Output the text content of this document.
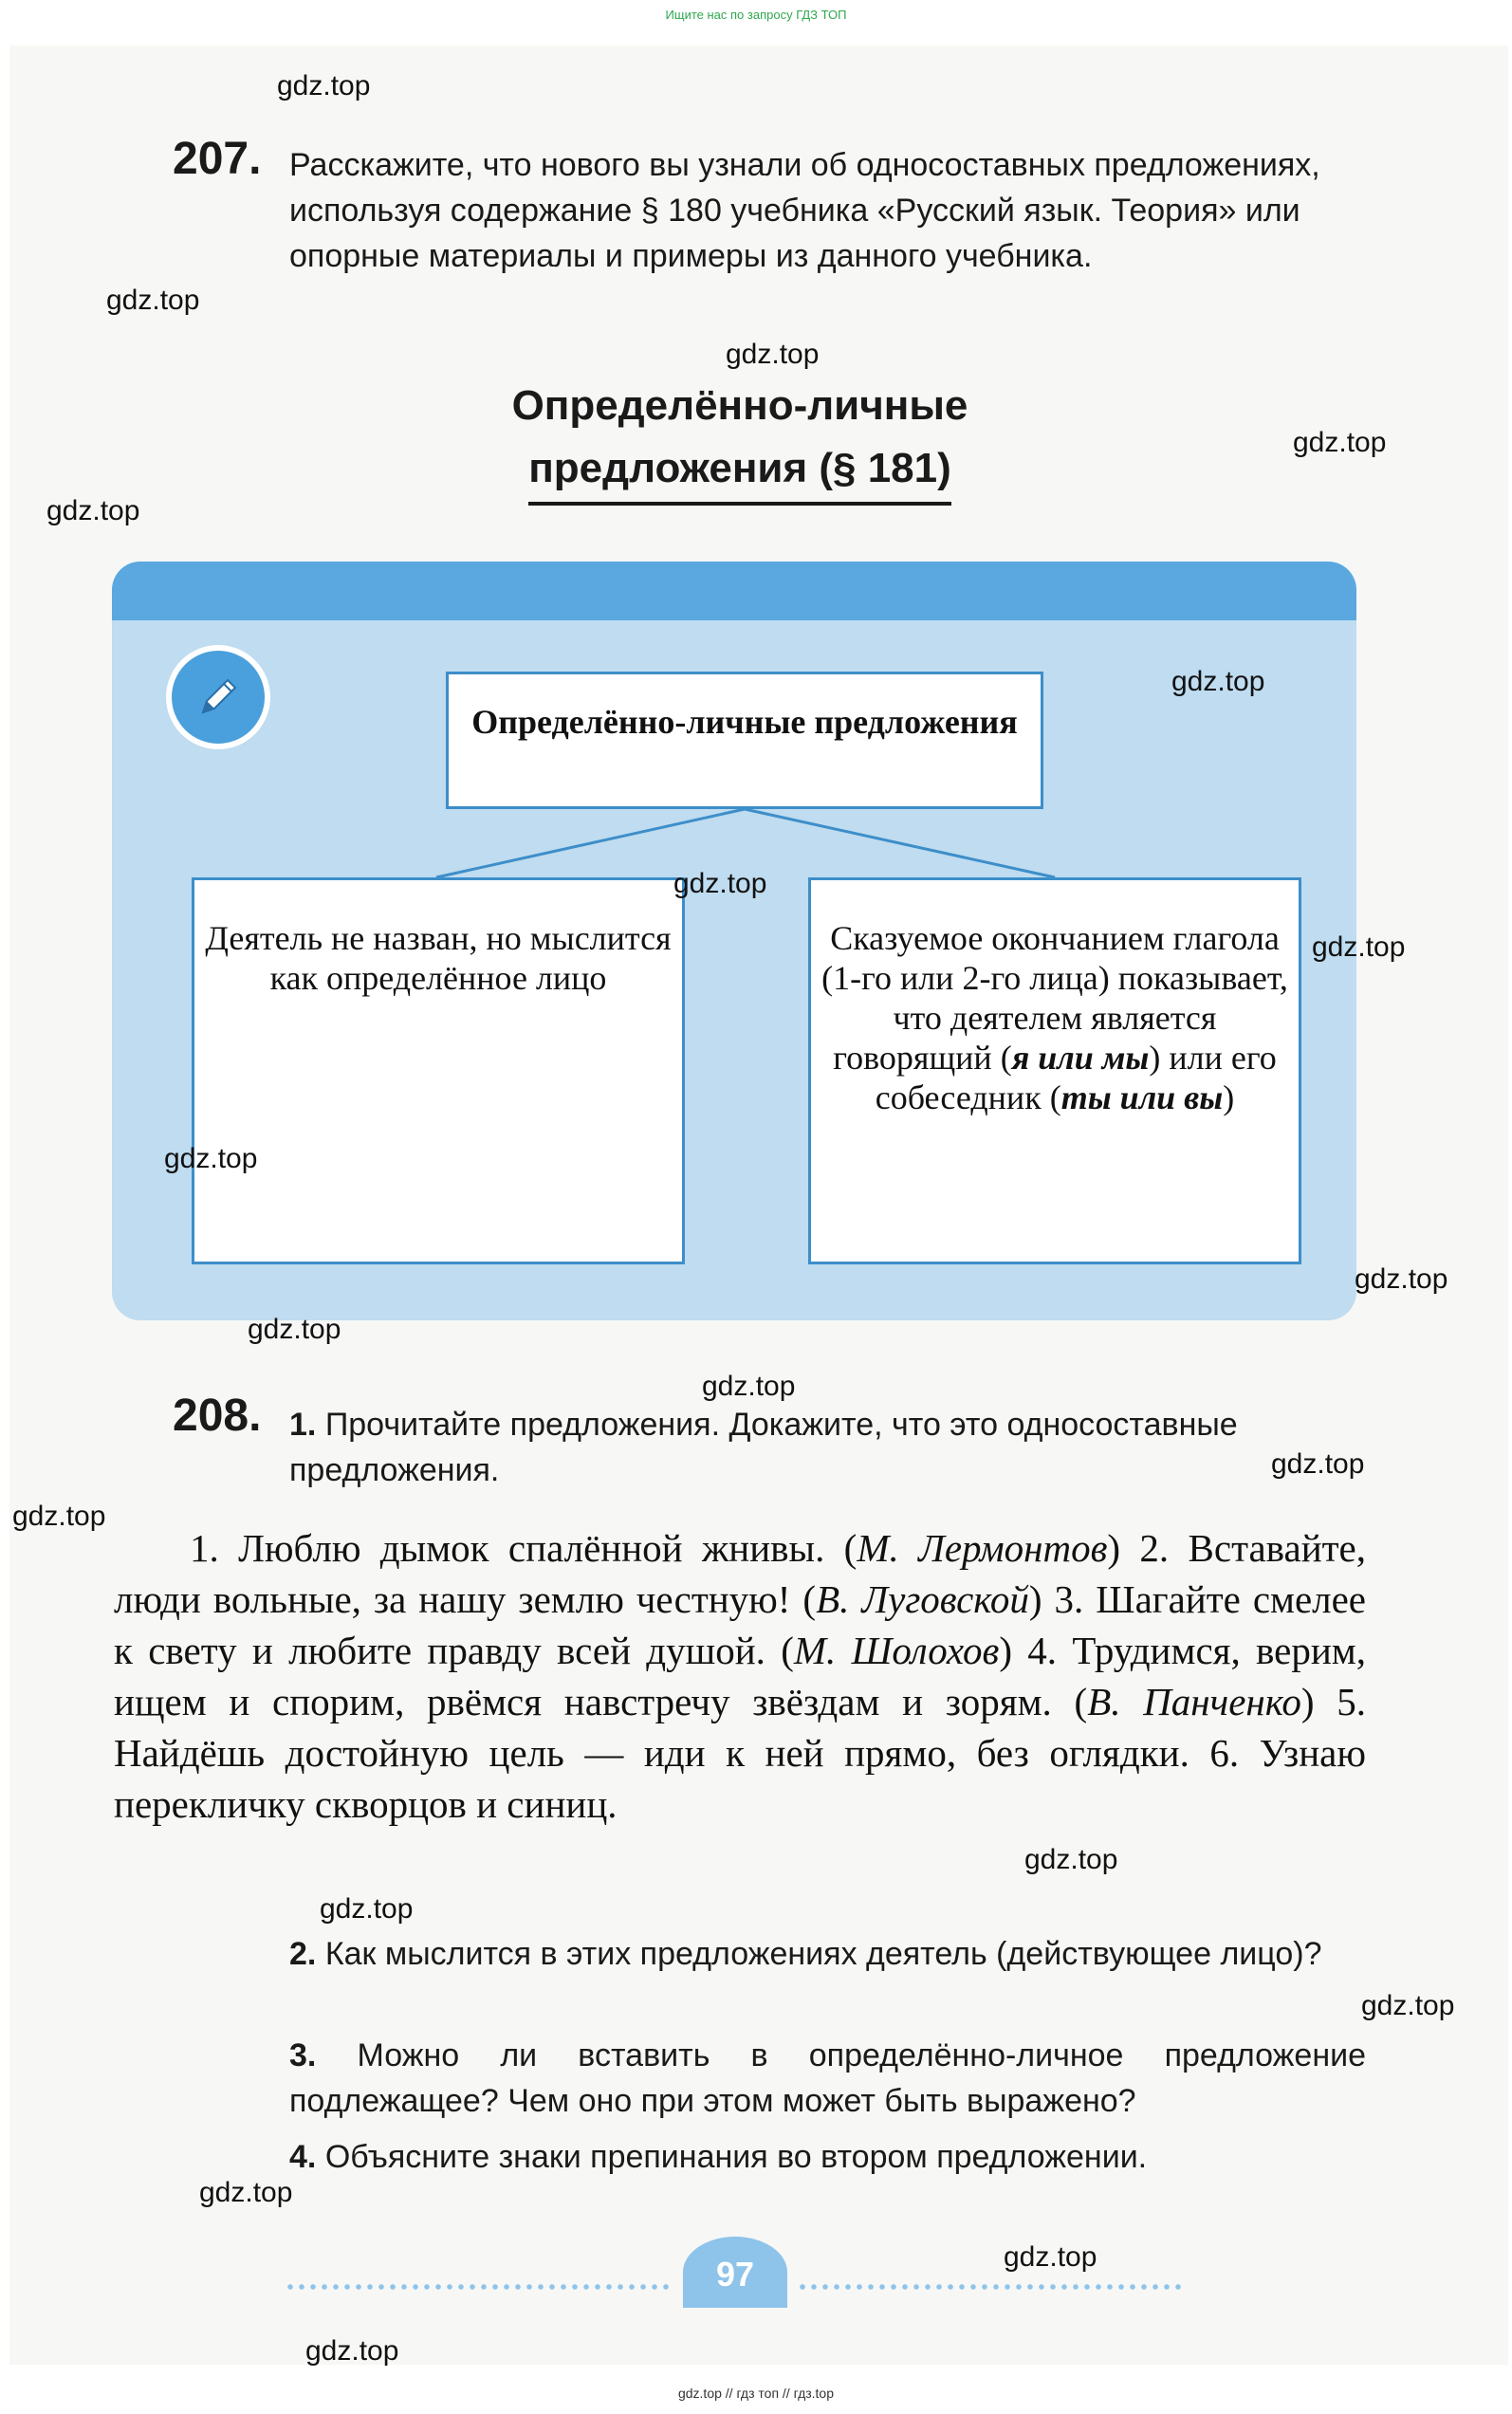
Ищите нас по запросу ГДЗ ТОП
207. Расскажите, что нового вы узнали об односоставных предложениях, используя содержание § 180 учебника «Русский язык. Теория» или опорные материалы и примеры из данного учебника.
Определённо-личные
предложения (§ 181)
Определённо-личные предложения
Деятель не назван, но мыслится как определённое лицо
Сказуемое окончанием глагола (1-го или 2-го лица) показывает, что деятелем является говорящий (я или мы) или его собеседник (ты или вы)
208. 1. Прочитайте предложения. Докажите, что это односоставные предложения.
1. Люблю дымок спалённой жнивы. (М. Лермонтов) 2. Вставайте, люди вольные, за нашу землю честную! (В. Луговской) 3. Шагайте смелее к свету и любите правду всей душой. (М. Шолохов) 4. Трудимся, верим, ищем и спорим, рвёмся навстречу звёздам и зорям. (В. Панченко) 5. Найдёшь достойную цель — иди к ней прямо, без оглядки. 6. Узнаю перекличку скворцов и синиц.
2. Как мыслится в этих предложениях деятель (действующее лицо)?
3. Можно ли вставить в определённо-личное предложение подлежащее? Чем оно при этом может быть выражено?
4. Объясните знаки препинания во втором предложении.
97
gdz.top
gdz.top
gdz.top
gdz.top
gdz.top
gdz.top
gdz.top
gdz.top
gdz.top
gdz.top
gdz.top
gdz.top
gdz.top
gdz.top
gdz.top
gdz.top
gdz.top
gdz.top
gdz.top
gdz.top
gdz.top // гдз топ // гдз.top
